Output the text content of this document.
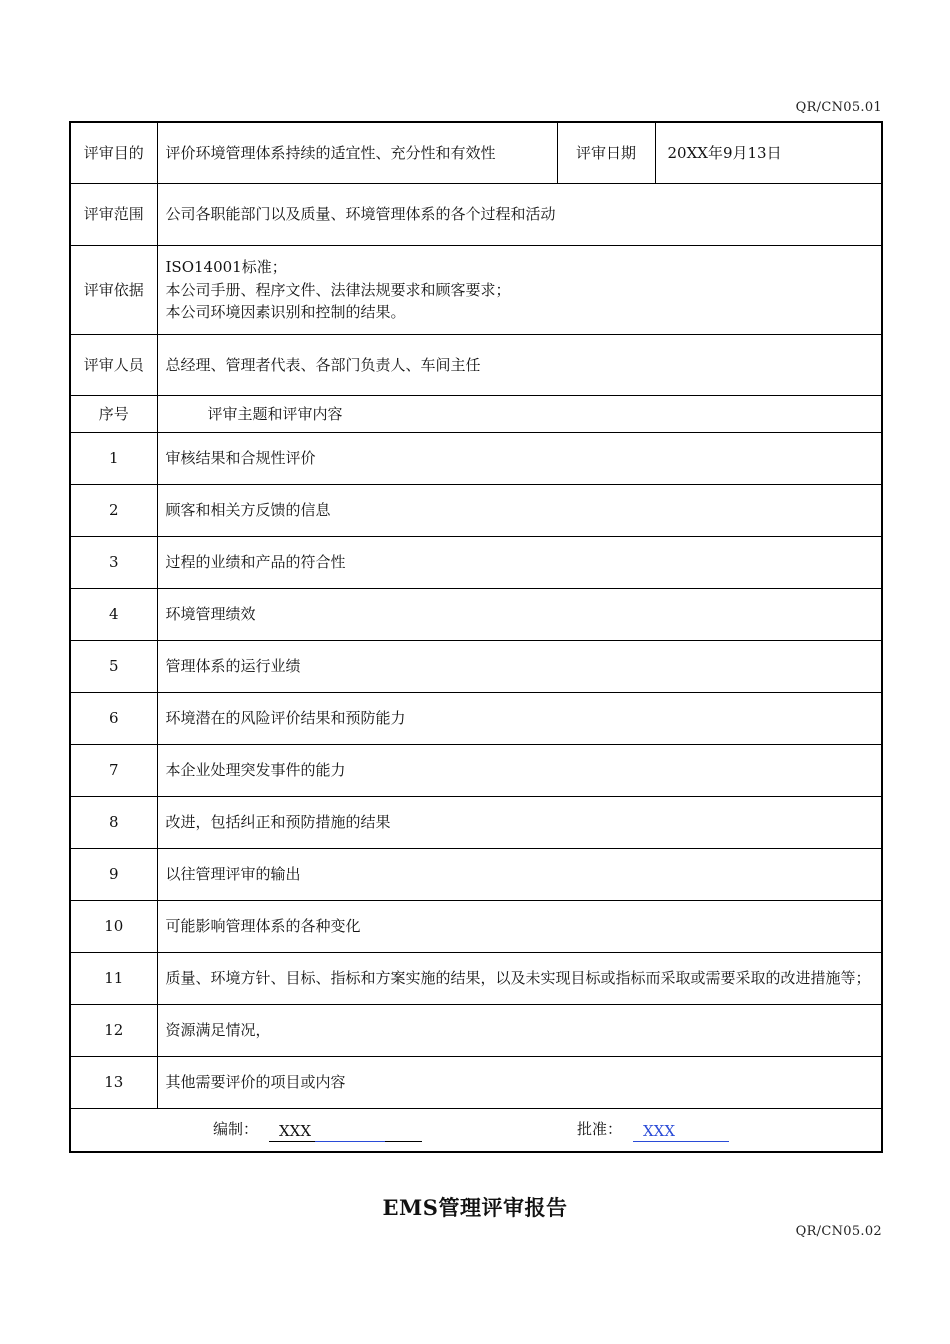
QR/CN05.01
评审目的	评价环境管理体系持续的适宜性、充分性和有效性	评审日期	20XX年9月13日
评审范围	公司各职能部门以及质量、环境管理体系的各个过程和活动		
评审依据	ISO14001标准；
本公司手册、程序文件、法律法规要求和顾客要求；
本公司环境因素识别和控制的结果。		

评审人员	总经理、管理者代表、各部门负责人、车间主任		
序号	评审主题和评审内容		
1	审核结果和合规性评价		
2	顾客和相关方反馈的信息		
3	过程的业绩和产品的符合性		
4	环境管理绩效		
5	管理体系的运行业绩		
6	环境潜在的风险评价结果和预防能力		
7	本企业处理突发事件的能力		
8	改进，包括纠正和预防措施的结果		
9	以往管理评审的输出		
10	可能影响管理体系的各种变化		
11	质量、环境方针、目标、指标和方案实施的结果，以及未实现目标或指标而采取或需要采取的改进措施等；		
12	资源满足情况，		
13	其他需要评价的项目或内容		

编制： XXX 批准： XXX			
EMS管理评审报告
QR/CN05.02
